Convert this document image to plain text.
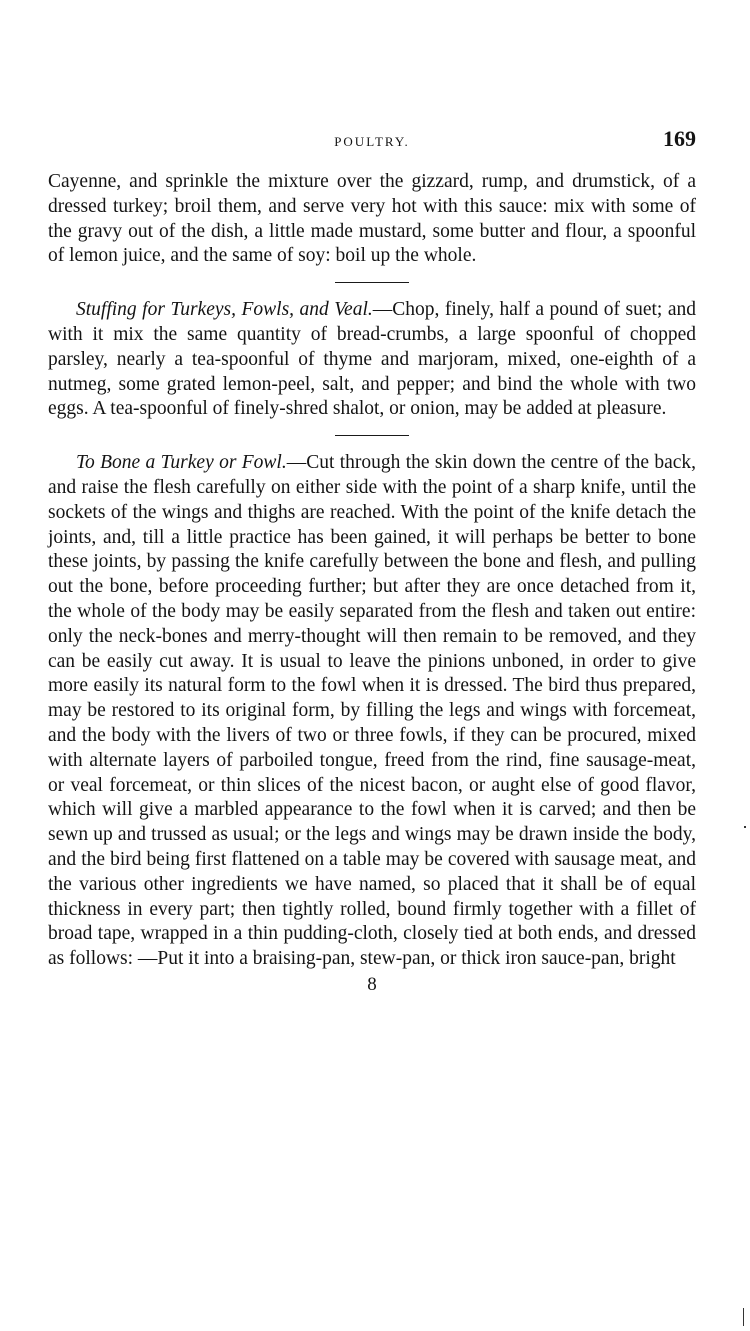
POULTRY.	169

Cayenne, and sprinkle the mixture over the gizzard, rump, and drumstick, of a dressed turkey; broil them, and serve very hot with this sauce: mix with some of the gravy out of the dish, a little made mustard, some butter and flour, a spoonful of lemon juice, and the same of soy: boil up the whole.

Stuffing for Turkeys, Fowls, and Veal.—Chop, finely, half a pound of suet; and with it mix the same quantity of bread-crumbs, a large spoonful of chopped parsley, nearly a tea-spoonful of thyme and marjoram, mixed, one-eighth of a nutmeg, some grated lemon-peel, salt, and pepper; and bind the whole with two eggs. A tea-spoonful of finely-shred shalot, or onion, may be added at pleasure.

To Bone a Turkey or Fowl.—Cut through the skin down the centre of the back, and raise the flesh carefully on either side with the point of a sharp knife, until the sockets of the wings and thighs are reached. With the point of the knife detach the joints, and, till a little practice has been gained, it will perhaps be better to bone these joints, by passing the knife carefully between the bone and flesh, and pulling out the bone, before proceeding further; but after they are once detached from it, the whole of the body may be easily separated from the flesh and taken out entire: only the neck-bones and merry-thought will then remain to be removed, and they can be easily cut away. It is usual to leave the pinions unboned, in order to give more easily its natural form to the fowl when it is dressed. The bird thus prepared, may be restored to its original form, by filling the legs and wings with forcemeat, and the body with the livers of two or three fowls, if they can be procured, mixed with alternate layers of parboiled tongue, freed from the rind, fine sausage-meat, or veal forcemeat, or thin slices of the nicest bacon, or aught else of good flavor, which will give a marbled appearance to the fowl when it is carved; and then be sewn up and trussed as usual; or the legs and wings may be drawn inside the body, and the bird being first flattened on a table may be covered with sausage meat, and the various other ingredients we have named, so placed that it shall be of equal thickness in every part; then tightly rolled, bound firmly together with a fillet of broad tape, wrapped in a thin pudding-cloth, closely tied at both ends, and dressed as follows: —Put it into a braising-pan, stew-pan, or thick iron sauce-pan, bright

8
